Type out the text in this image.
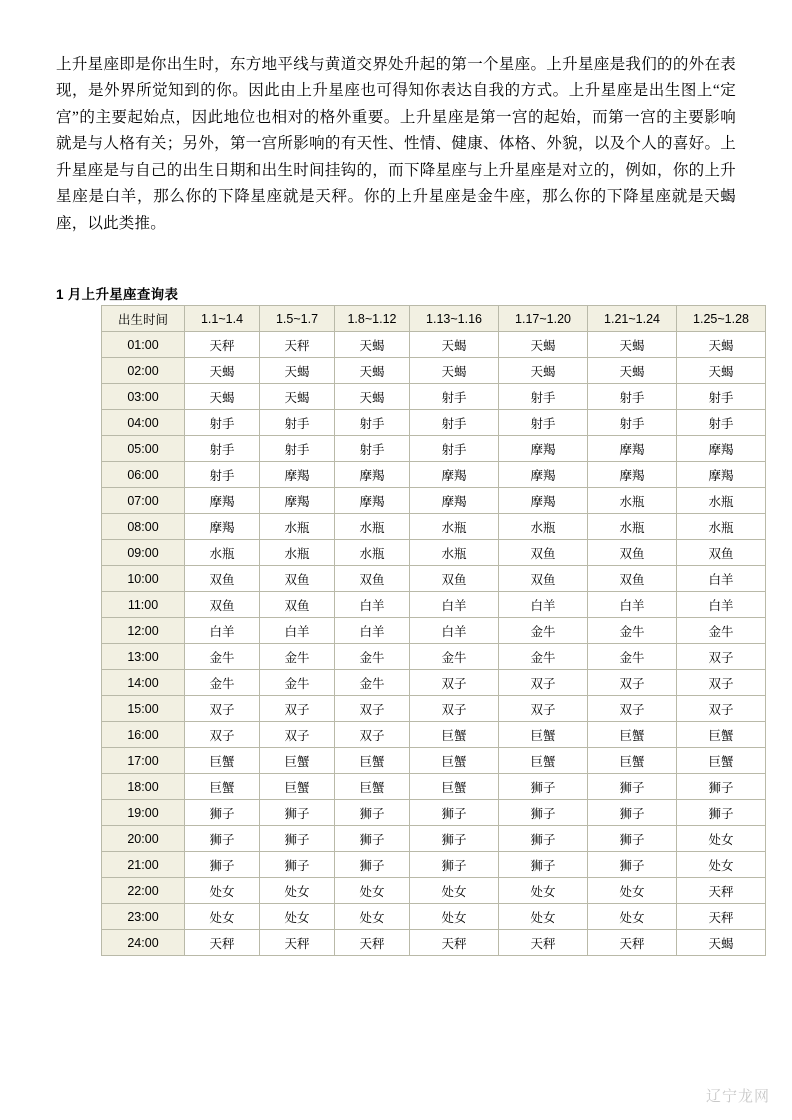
上升星座即是你出生时，东方地平线与黄道交界处升起的第一个星座。上升星座是我们的的外在表现，是外界所觉知到的你。因此由上升星座也可得知你表达自我的方式。上升星座是出生图上“定宫”的主要起始点，因此地位也相对的格外重要。上升星座是第一宫的起始，而第一宫的主要影响就是与人格有关；另外，第一宫所影响的有天性、性情、健康、体格、外貌，以及个人的喜好。上升星座是与自己的出生日期和出生时间挂钩的，而下降星座与上升星座是对立的，例如，你的上升星座是白羊，那么你的下降星座就是天秤。你的上升星座是金牛座，那么你的下降星座就是天蝎座，以此类推。

1 月上升星座查询表
出生时间	1.1~1.4	1.5~1.7	1.8~1.12	1.13~1.16	1.17~1.20	1.21~1.24	1.25~1.28
01:00	天秤	天秤	天蝎	天蝎	天蝎	天蝎	天蝎
02:00	天蝎	天蝎	天蝎	天蝎	天蝎	天蝎	天蝎
03:00	天蝎	天蝎	天蝎	射手	射手	射手	射手
04:00	射手	射手	射手	射手	射手	射手	射手
05:00	射手	射手	射手	射手	摩羯	摩羯	摩羯
06:00	射手	摩羯	摩羯	摩羯	摩羯	摩羯	摩羯
07:00	摩羯	摩羯	摩羯	摩羯	摩羯	水瓶	水瓶
08:00	摩羯	水瓶	水瓶	水瓶	水瓶	水瓶	水瓶
09:00	水瓶	水瓶	水瓶	水瓶	双鱼	双鱼	双鱼
10:00	双鱼	双鱼	双鱼	双鱼	双鱼	双鱼	白羊
11:00	双鱼	双鱼	白羊	白羊	白羊	白羊	白羊
12:00	白羊	白羊	白羊	白羊	金牛	金牛	金牛
13:00	金牛	金牛	金牛	金牛	金牛	金牛	双子
14:00	金牛	金牛	金牛	双子	双子	双子	双子
15:00	双子	双子	双子	双子	双子	双子	双子
16:00	双子	双子	双子	巨蟹	巨蟹	巨蟹	巨蟹
17:00	巨蟹	巨蟹	巨蟹	巨蟹	巨蟹	巨蟹	巨蟹
18:00	巨蟹	巨蟹	巨蟹	巨蟹	狮子	狮子	狮子
19:00	狮子	狮子	狮子	狮子	狮子	狮子	狮子
20:00	狮子	狮子	狮子	狮子	狮子	狮子	处女
21:00	狮子	狮子	狮子	狮子	狮子	狮子	处女
22:00	处女	处女	处女	处女	处女	处女	天秤
23:00	处女	处女	处女	处女	处女	处女	天秤
24:00	天秤	天秤	天秤	天秤	天秤	天秤	天蝎
辽宁龙网
